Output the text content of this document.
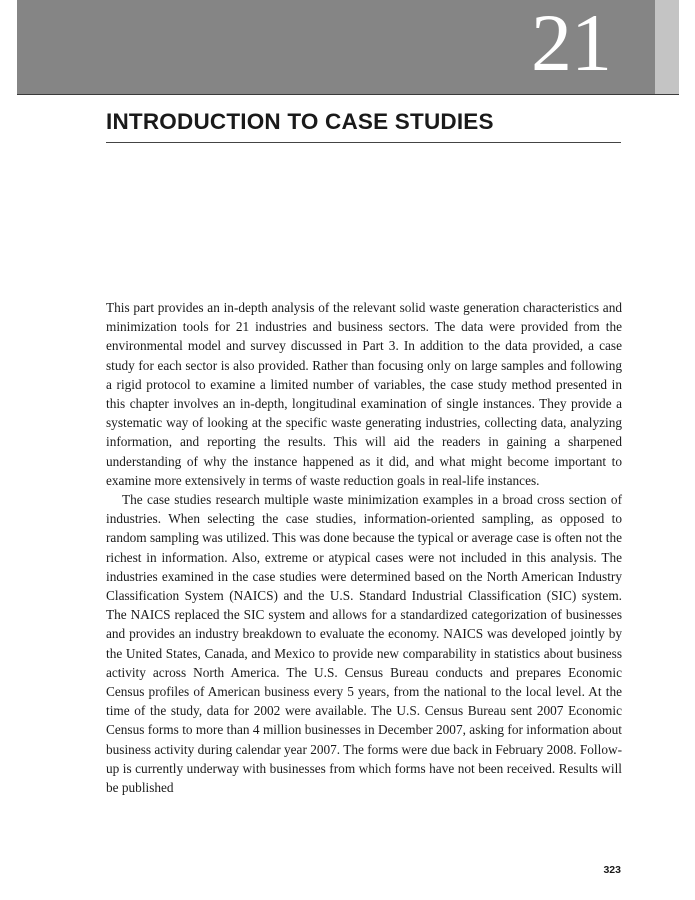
21
INTRODUCTION TO CASE STUDIES

This part provides an in-depth analysis of the relevant solid waste generation characteristics and minimization tools for 21 industries and business sectors. The data were provided from the environmental model and survey discussed in Part 3. In addition to the data provided, a case study for each sector is also provided. Rather than focusing only on large samples and following a rigid protocol to examine a limited number of variables, the case study method presented in this chapter involves an in-depth, longitudinal examination of single instances. They provide a systematic way of looking at the specific waste generating industries, collecting data, analyzing information, and reporting the results. This will aid the readers in gaining a sharpened understanding of why the instance happened as it did, and what might become important to examine more extensively in terms of waste reduction goals in real-life instances.

The case studies research multiple waste minimization examples in a broad cross section of industries. When selecting the case studies, information-oriented sampling, as opposed to random sampling was utilized. This was done because the typical or average case is often not the richest in information. Also, extreme or atypical cases were not included in this analysis. The industries examined in the case studies were determined based on the North American Industry Classification System (NAICS) and the U.S. Standard Industrial Classification (SIC) system. The NAICS replaced the SIC system and allows for a standardized categorization of businesses and provides an industry breakdown to evaluate the economy. NAICS was developed jointly by the United States, Canada, and Mexico to provide new comparability in statistics about business activity across North America. The U.S. Census Bureau conducts and prepares Economic Census profiles of American business every 5 years, from the national to the local level. At the time of the study, data for 2002 were available. The U.S. Census Bureau sent 2007 Economic Census forms to more than 4 million businesses in December 2007, asking for information about business activity during calendar year 2007. The forms were due back in February 2008. Follow-up is currently underway with businesses from which forms have not been received. Results will be published

323
